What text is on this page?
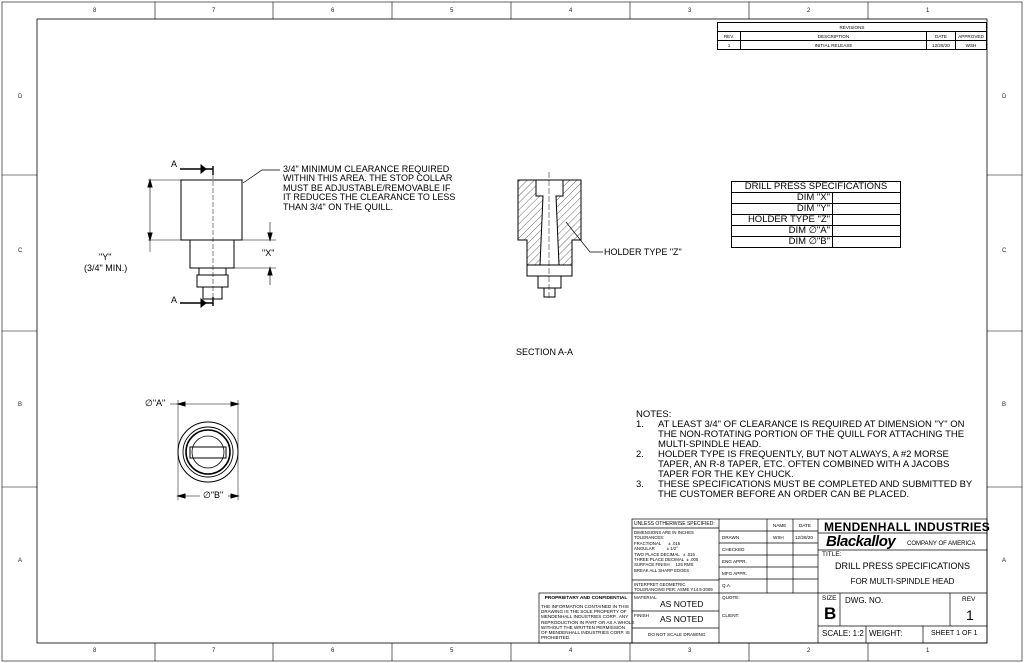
8	7	6	5	4	3	2	1
8	7	6	5	4	3	2	1
D
C
B
A
D
C
B
A
REVISIONS			
REV.	DESCRIPTION	DATE	APPROVED
1	INITIAL RELEASE	12/28/20	WSH
3/4" MINIMUM CLEARANCE REQUIRED
WITHIN THIS AREA. THE STOP COLLAR
MUST BE ADJUSTABLE/REMOVABLE IF
IT REDUCES THE CLEARANCE TO LESS
THAN 3/4" ON THE QUILL.
A
A
"X"
"Y"
(3/4" MIN.)
HOLDER TYPE "Z"
SECTION A-A
∅"A"
∅"B"
DRILL PRESS SPECIFICATIONS	
DIM "X"	
DIM "Y"	
HOLDER TYPE "Z"	
DIM ∅"A"	
DIM ∅"B"	
NOTES:
1.	AT LEAST 3/4" OF CLEARANCE IS REQUIRED AT DIMENSION "Y" ON
THE NON-ROTATING PORTION OF THE QUILL FOR ATTACHING THE
MULTI-SPINDLE HEAD.
2.	HOLDER TYPE IS FREQUENTLY, BUT NOT ALWAYS, A #2 MORSE
TAPER, AN R-8 TAPER, ETC. OFTEN COMBINED WITH A JACOBS
TAPER FOR THE KEY CHUCK.
3.	THESE SPECIFICATIONS MUST BE COMPLETED AND SUBMITTED BY
THE CUSTOMER BEFORE AN ORDER CAN BE PLACED.
PROPRIETARY AND CONFIDENTIAL
THE INFORMATION CONTAINED IN THIS
DRAWING IS THE SOLE PROPERTY OF
MENDENHALL INDUSTRIES CORP.. ANY
REPRODUCTION IN PART OR AS A WHOLE
WITHOUT THE WRITTEN PERMISSION
OF MENDENHALL INDUSTRIES CORP. IS
PROHIBITED.
UNLESS OTHERWISE SPECIFIED:
DIMENSIONS ARE IN INCHES
TOLERANCES:
FRACTIONAL      ± .015
ANGULAR          ± 1/2°
TWO PLACE DECIMAL   ± .015
THREE PLACE DECIMAL  ± .005
SURFACE FINISH     125 RMS
BREAK ALL SHARP EDGES
INTERPRET GEOMETRIC
TOLERANCING PER: ASME Y14.5-2009
MATERIAL
AS NOTED
FINISH AS NOTED
DO NOT SCALE DRAWING
NAME	DATE
DRAWN	WSH 12/28/20
CHECKED
ENG APPR.
MFG APPR.
Q.A.
QUOTE:
CLIENT:
MENDENHALL INDUSTRIES
Blackalloy COMPANY OF AMERICA
TITLE:
DRILL PRESS SPECIFICATIONS
FOR MULTI-SPINDLE HEAD
SIZE
B
DWG. NO.	REV
1
SCALE: 1:2 WEIGHT:	SHEET 1 OF 1
